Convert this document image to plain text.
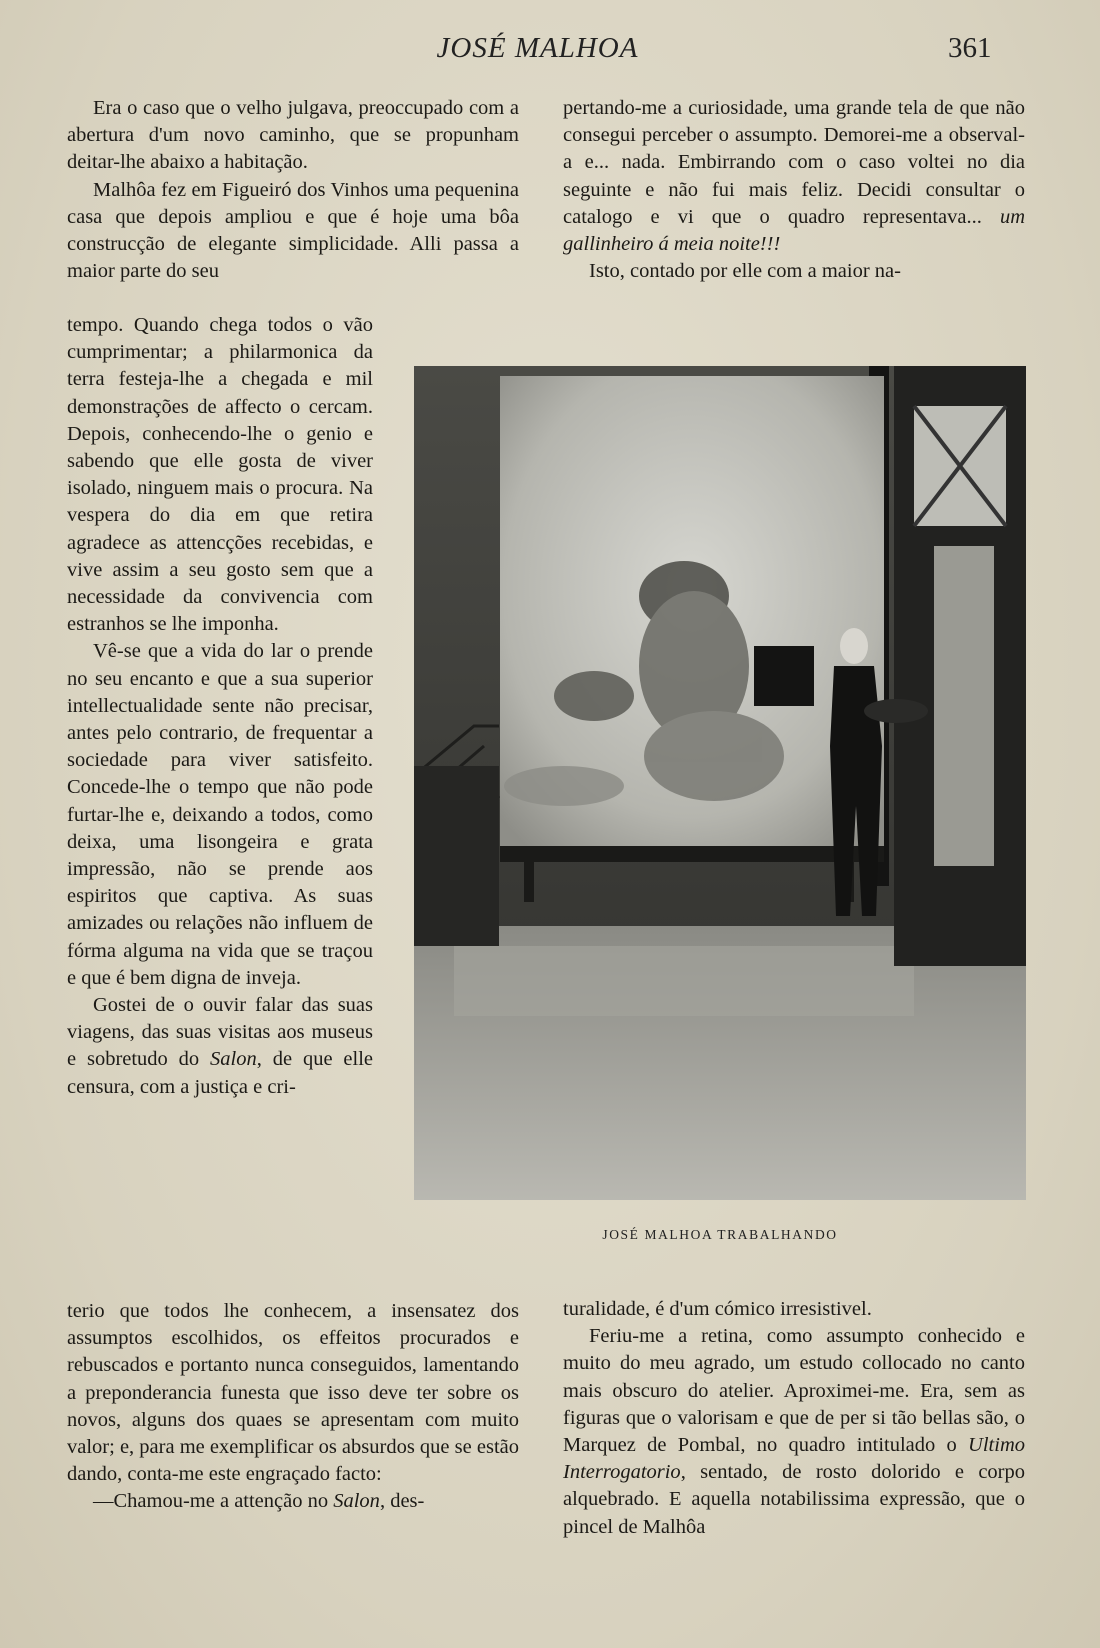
JOSÉ MALHOA	361

Era o caso que o velho julgava, preoccupado com a abertura d'um novo caminho, que se propunham deitar-lhe abaixo a habitação.

Malhôa fez em Figueiró dos Vinhos uma pequenina casa que depois ampliou e que é hoje uma bôa construcção de elegante simplicidade. Alli passa a maior parte do seu

tempo. Quando chega todos o vão cumprimentar; a philarmonica da terra festeja-lhe a chegada e mil demonstrações de affecto o cercam. Depois, conhecendo-lhe o genio e sabendo que elle gosta de viver isolado, ninguem mais o procura. Na vespera do dia em que retira agradece as attencções recebidas, e vive assim a seu gosto sem que a necessidade da convivencia com estranhos se lhe imponha.

Vê-se que a vida do lar o prende no seu encanto e que a sua superior intellectualidade sente não precisar, antes pelo contrario, de frequentar a sociedade para viver satisfeito. Concede-lhe o tempo que não pode furtar-lhe e, deixando a todos, como deixa, uma lisongeira e grata impressão, não se prende aos espiritos que captiva. As suas amizades ou relações não influem de fórma alguma na vida que se traçou e que é bem digna de inveja.

Gostei de o ouvir falar das suas viagens, das suas visitas aos museus e sobretudo do Salon, de que elle censura, com a justiça e cri-

terio que todos lhe conhecem, a insensatez dos assumptos escolhidos, os effeitos procurados e rebuscados e portanto nunca conseguidos, lamentando a preponderancia funesta que isso deve ter sobre os novos, alguns dos quaes se apresentam com muito valor; e, para me exemplificar os absurdos que se estão dando, conta-me este engraçado facto:

—Chamou-me a attenção no Salon, des-

pertando-me a curiosidade, uma grande tela de que não consegui perceber o assumpto. Demorei-me a observal-a e... nada. Embirrando com o caso voltei no dia seguinte e não fui mais feliz. Decidi consultar o catalogo e vi que o quadro representava... um gallinheiro á meia noite!!!

Isto, contado por elle com a maior na-

JOSÉ MALHOA TRABALHANDO

turalidade, é d'um cómico irresistivel.

Feriu-me a retina, como assumpto conhecido e muito do meu agrado, um estudo collocado no canto mais obscuro do atelier. Aproximei-me. Era, sem as figuras que o valorisam e que de per si tão bellas são, o Marquez de Pombal, no quadro intitulado o Ultimo Interrogatorio, sentado, de rosto dolorido e corpo alquebrado. E aquella notabilissima expressão, que o pincel de Malhôa
